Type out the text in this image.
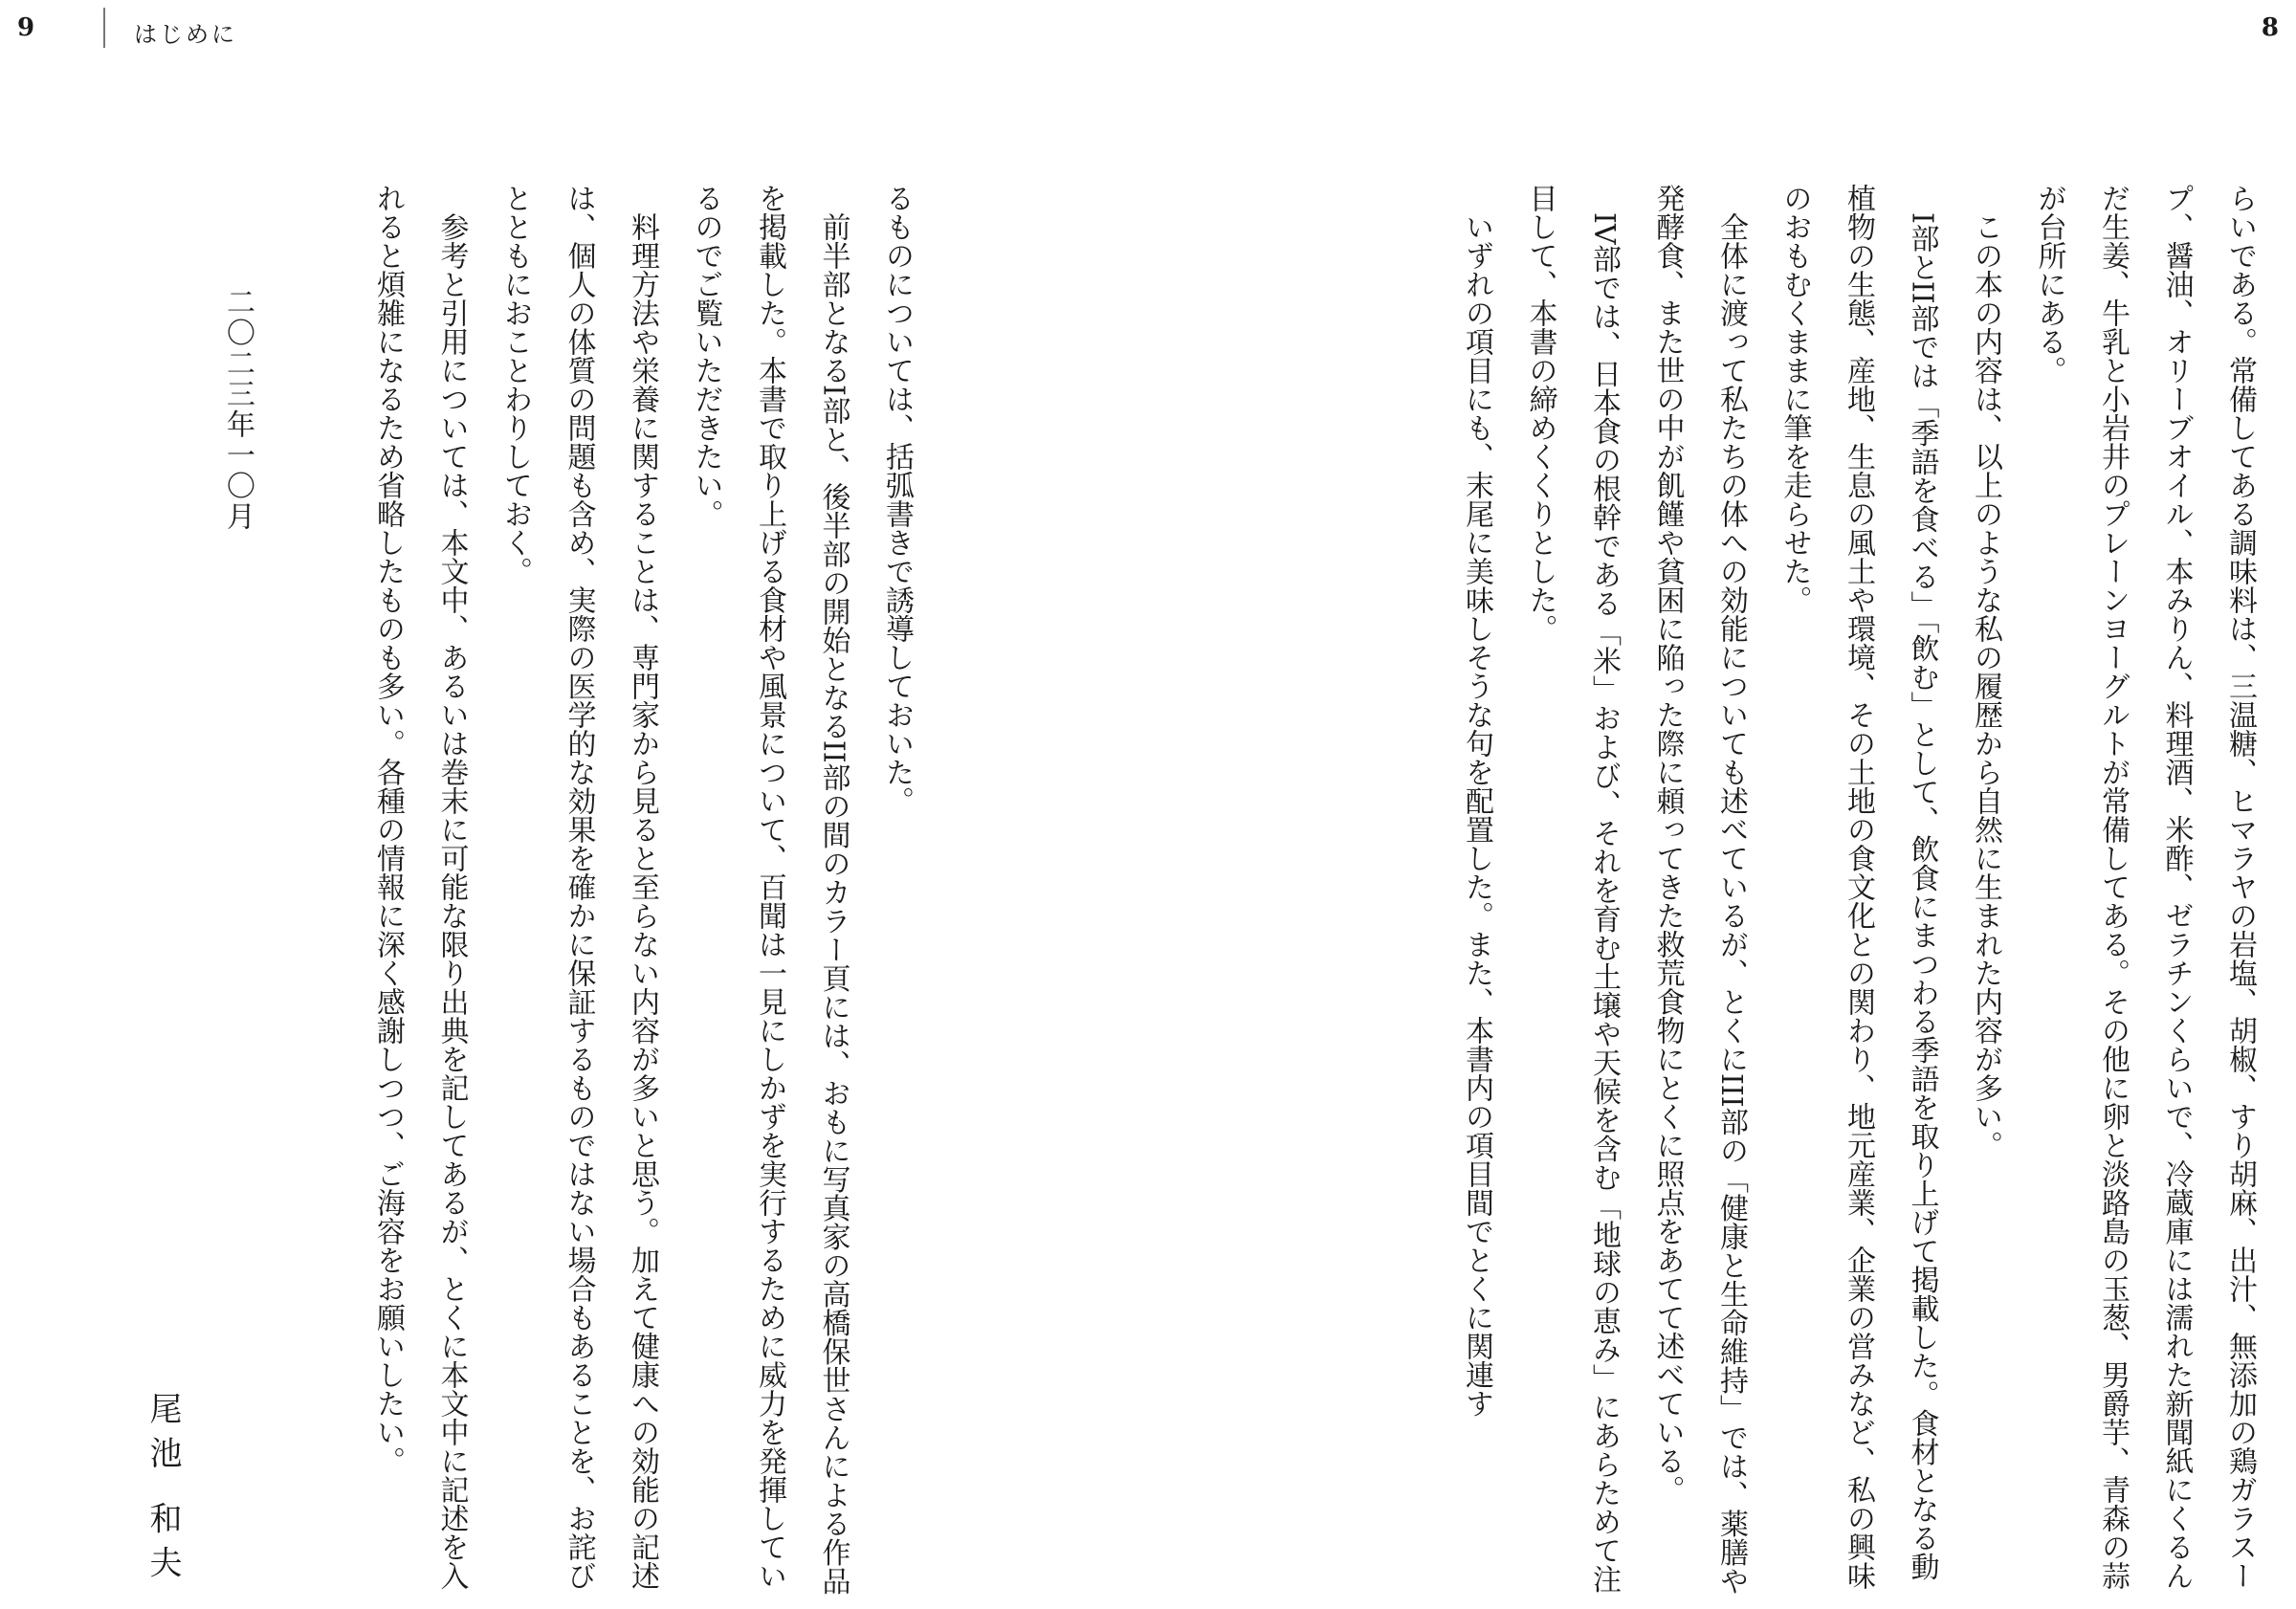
9	はじめに	8

らいである。常備してある調味料は、三温糖、ヒマラヤの岩塩、胡椒、すり胡麻、出汁、無添加の鶏ガラスープ、醤油、オリーブオイル、本みりん、料理酒、米酢、ゼラチンくらいで、冷蔵庫には濡れた新聞紙にくるんだ生姜、牛乳と小岩井のプレーンヨーグルトが常備してある。その他に卵と淡路島の玉葱、男爵芋、青森の蒜が台所にある。

この本の内容は、以上のような私の履歴から自然に生まれた内容が多い。

I部とII部では「季語を食べる」「飲む」として、飲食にまつわる季語を取り上げて掲載した。食材となる動植物の生態、産地、生息の風土や環境、その土地の食文化との関わり、地元産業、企業の営みなど、私の興味のおもむくままに筆を走らせた。

全体に渡って私たちの体への効能についても述べているが、とくにIII部の「健康と生命維持」では、薬膳や発酵食、また世の中が飢饉や貧困に陥った際に頼ってきた救荒食物にとくに照点をあてて述べている。

IV部では、日本食の根幹である「米」および、それを育む土壌や天候を含む「地球の恵み」にあらためて注目して、本書の締めくくりとした。

いずれの項目にも、末尾に美味しそうな句を配置した。また、本書内の項目間でとくに関連す

るものについては、括弧書きで誘導しておいた。

前半部となるI部と、後半部の開始となるII部の間のカラー頁には、おもに写真家の高橋保世さんによる作品を掲載した。本書で取り上げる食材や風景について、百聞は一見にしかずを実行するために威力を発揮しているのでご覧いただきたい。

料理方法や栄養に関することは、専門家から見ると至らない内容が多いと思う。加えて健康への効能の記述は、個人の体質の問題も含め、実際の医学的な効果を確かに保証するものではない場合もあることを、お詫びとともにおことわりしておく。

参考と引用については、本文中、あるいは巻末に可能な限り出典を記してあるが、とくに本文中に記述を入れると煩雑になるため省略したものも多い。各種の情報に深く感謝しつつ、ご海容をお願いしたい。

二〇二三年一〇月
尾池 和夫
